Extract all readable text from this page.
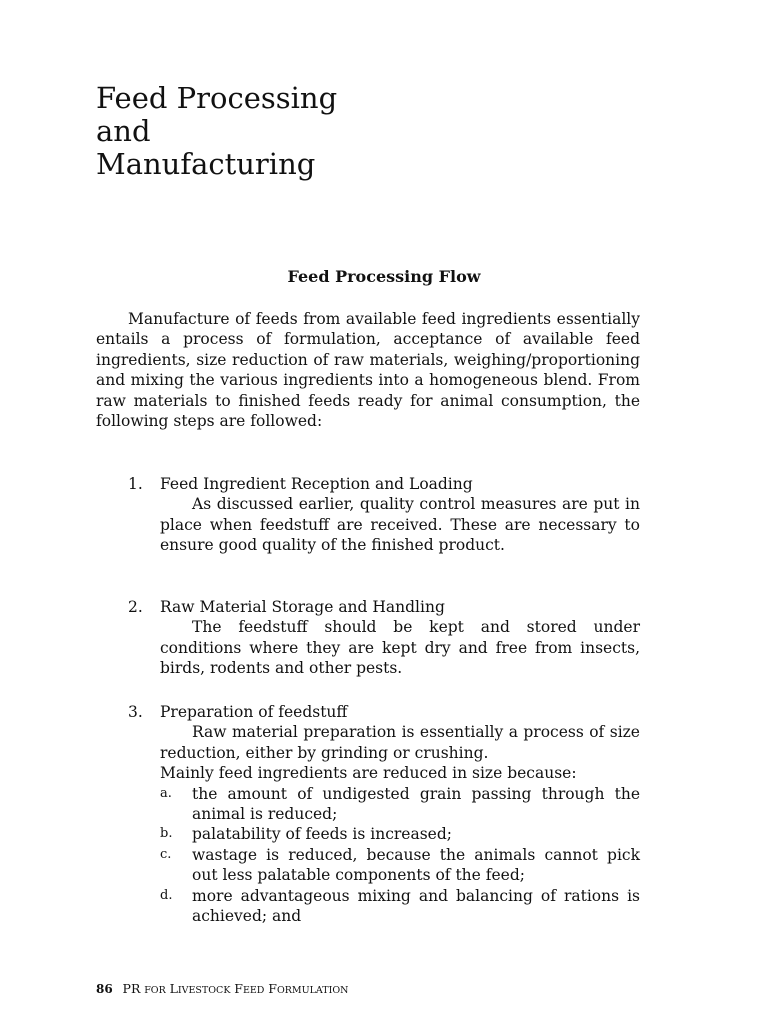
Feed Processing
and
Manufacturing
Feed Processing Flow

Manufacture of feeds from available feed ingredients essentially entails a process of formulation, acceptance of available feed ingredients, size reduction of raw materials, weighing/proportioning and mixing the various ingredients into a homogeneous blend. From raw materials to finished feeds ready for animal consumption, the following steps are followed:

1. Feed Ingredient Reception and Loading

As discussed earlier, quality control measures are put in place when feedstuff are received. These are necessary to ensure good quality of the finished product.

2. Raw Material Storage and Handling

The feedstuff should be kept and stored under conditions where they are kept dry and free from insects, birds, rodents and other pests.

3. Preparation of feedstuff

Raw material preparation is essentially a process of size reduction, either by grinding or crushing.

Mainly feed ingredients are reduced in size because:

a. the amount of undigested grain passing through the animal is reduced;
b. palatability of feeds is increased;
c. wastage is reduced, because the animals cannot pick out less palatable components of the feed;
d. more advantageous mixing and balancing of rations is achieved; and
86 PR FOR LIVESTOCK FEED FORMULATION
